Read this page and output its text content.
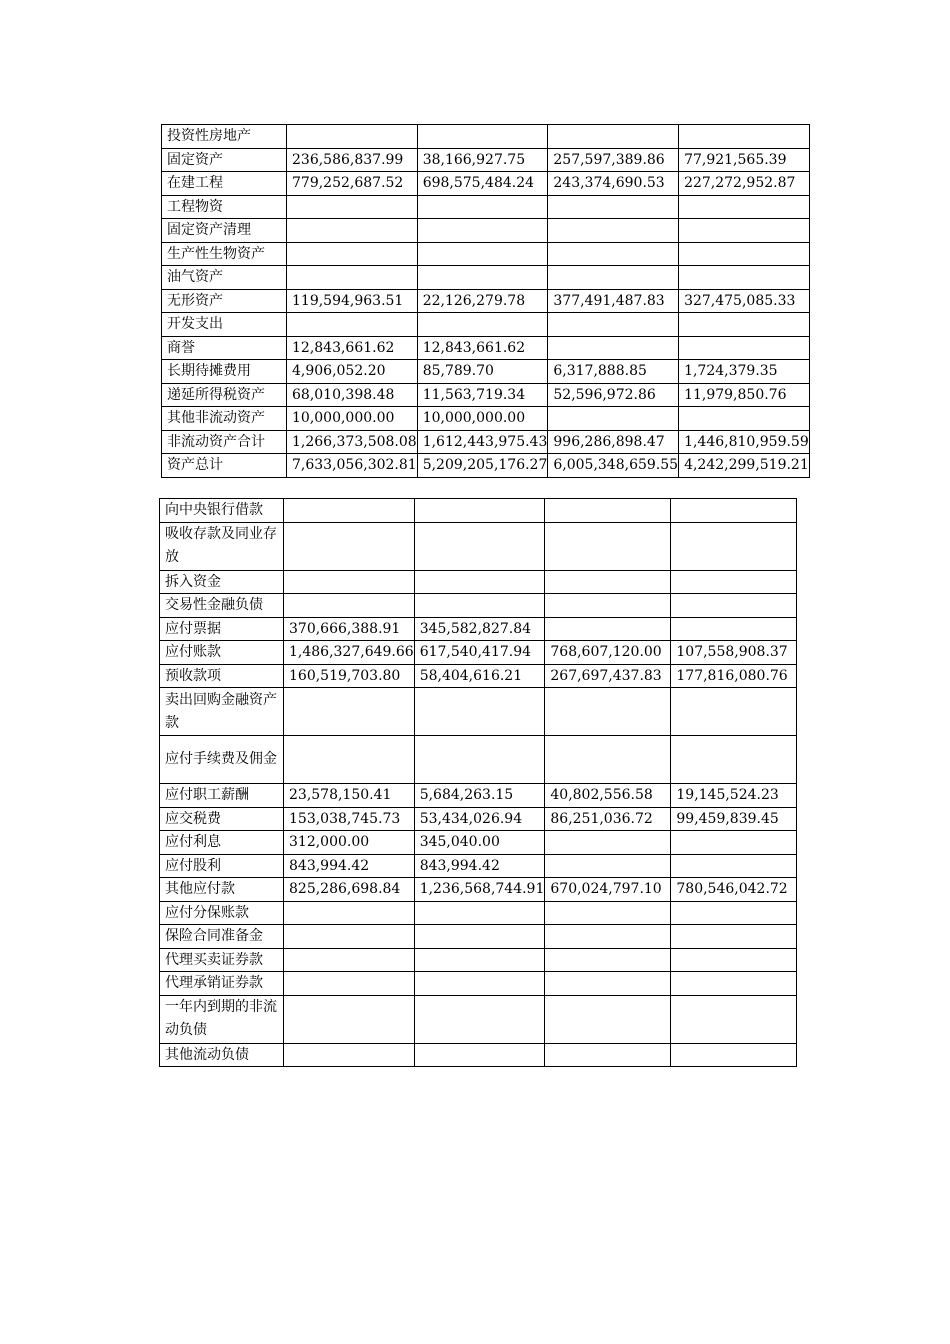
投资性房地产				
固定资产	236,586,837.99	38,166,927.75	257,597,389.86	77,921,565.39
在建工程	779,252,687.52	698,575,484.24	243,374,690.53	227,272,952.87
工程物资				
固定资产清理				
生产性生物资产				
油气资产				
无形资产	119,594,963.51	22,126,279.78	377,491,487.83	327,475,085.33
开发支出				
商誉	12,843,661.62	12,843,661.62		
长期待摊费用	4,906,052.20	85,789.70	6,317,888.85	1,724,379.35
递延所得税资产	68,010,398.48	11,563,719.34	52,596,972.86	11,979,850.76
其他非流动资产	10,000,000.00	10,000,000.00		
非流动资产合计	1,266,373,508.08	1,612,443,975.43	996,286,898.47	1,446,810,959.59
资产总计	7,633,056,302.81	5,209,205,176.27	6,005,348,659.55	4,242,299,519.21
向中央银行借款				
吸收存款及同业存放				
拆入资金				
交易性金融负债				
应付票据	370,666,388.91	345,582,827.84		
应付账款	1,486,327,649.66	617,540,417.94	768,607,120.00	107,558,908.37
预收款项	160,519,703.80	58,404,616.21	267,697,437.83	177,816,080.76
卖出回购金融资产款				
应付手续费及佣金				
应付职工薪酬	23,578,150.41	5,684,263.15	40,802,556.58	19,145,524.23
应交税费	153,038,745.73	53,434,026.94	86,251,036.72	99,459,839.45
应付利息	312,000.00	345,040.00		
应付股利	843,994.42	843,994.42		
其他应付款	825,286,698.84	1,236,568,744.91	670,024,797.10	780,546,042.72
应付分保账款				
保险合同准备金				
代理买卖证券款				
代理承销证券款				
一年内到期的非流动负债				
其他流动负债				
